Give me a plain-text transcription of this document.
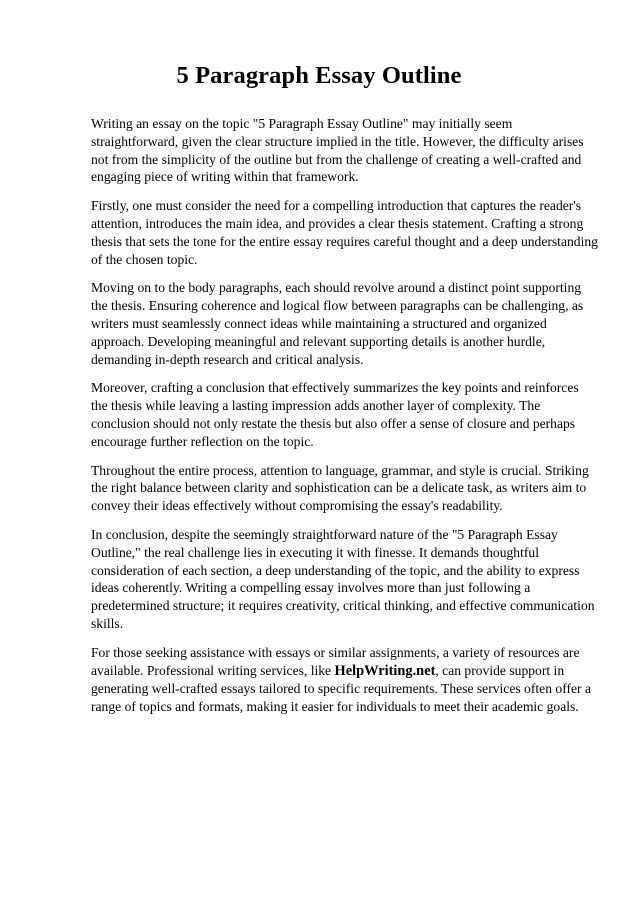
5 Paragraph Essay Outline

Writing an essay on the topic "5 Paragraph Essay Outline" may initially seem straightforward, given the clear structure implied in the title. However, the difficulty arises not from the simplicity of the outline but from the challenge of creating a well-crafted and engaging piece of writing within that framework.

Firstly, one must consider the need for a compelling introduction that captures the reader's attention, introduces the main idea, and provides a clear thesis statement. Crafting a strong thesis that sets the tone for the entire essay requires careful thought and a deep understanding of the chosen topic.

Moving on to the body paragraphs, each should revolve around a distinct point supporting the thesis. Ensuring coherence and logical flow between paragraphs can be challenging, as writers must seamlessly connect ideas while maintaining a structured and organized approach. Developing meaningful and relevant supporting details is another hurdle, demanding in-depth research and critical analysis.

Moreover, crafting a conclusion that effectively summarizes the key points and reinforces the thesis while leaving a lasting impression adds another layer of complexity. The conclusion should not only restate the thesis but also offer a sense of closure and perhaps encourage further reflection on the topic.

Throughout the entire process, attention to language, grammar, and style is crucial. Striking the right balance between clarity and sophistication can be a delicate task, as writers aim to convey their ideas effectively without compromising the essay's readability.

In conclusion, despite the seemingly straightforward nature of the "5 Paragraph Essay Outline," the real challenge lies in executing it with finesse. It demands thoughtful consideration of each section, a deep understanding of the topic, and the ability to express ideas coherently. Writing a compelling essay involves more than just following a predetermined structure; it requires creativity, critical thinking, and effective communication skills.

For those seeking assistance with essays or similar assignments, a variety of resources are available. Professional writing services, like HelpWriting.net, can provide support in generating well-crafted essays tailored to specific requirements. These services often offer a range of topics and formats, making it easier for individuals to meet their academic goals.
